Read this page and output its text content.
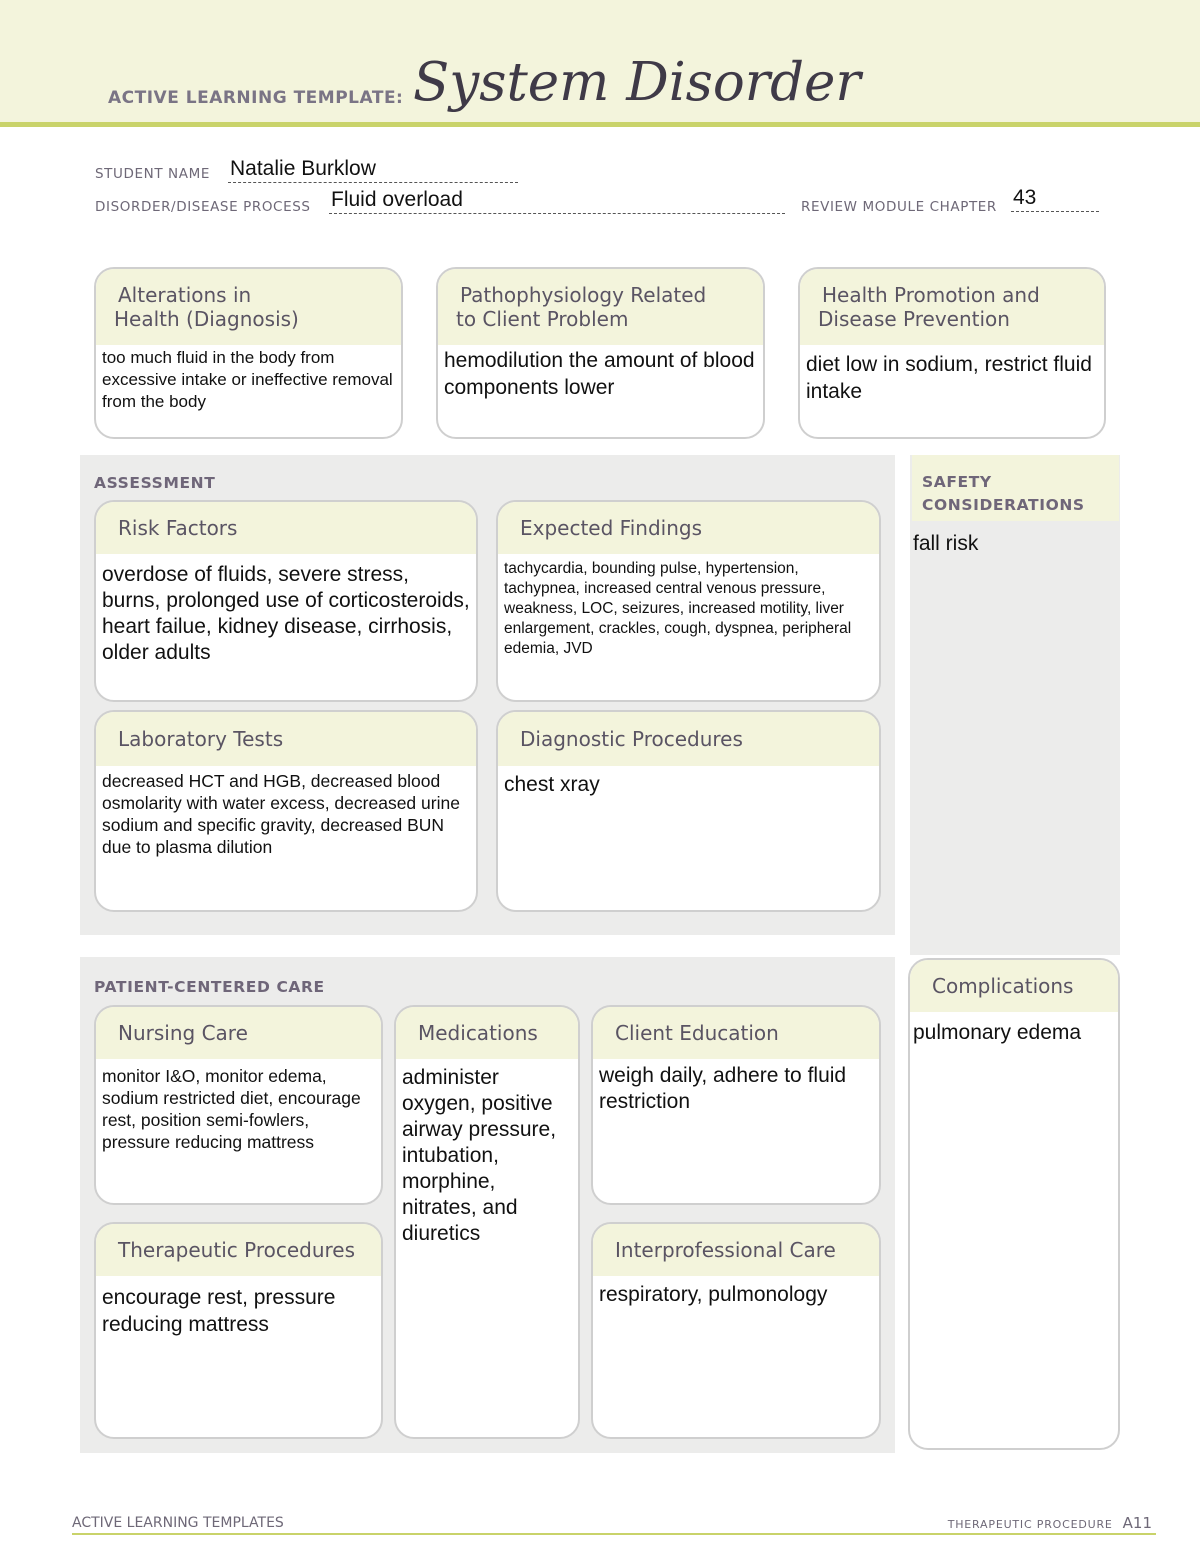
ACTIVE LEARNING TEMPLATE: System Disorder
STUDENT NAME Natalie Burklow
DISORDER/DISEASE PROCESS Fluid overload	REVIEW MODULE CHAPTER 43
Alterations in
Health (Diagnosis)
too much fluid in the body from excessive intake or ineffective removal from the body
Pathophysiology Related
to Client Problem
hemodilution the amount of blood components lower
Health Promotion and
Disease Prevention
diet low in sodium, restrict fluid intake
ASSESSMENT
Risk Factors
overdose of fluids, severe stress, burns, prolonged use of corticosteroids, heart failue, kidney disease, cirrhosis, older adults
Expected Findings
tachycardia, bounding pulse, hypertension, tachypnea, increased central venous pressure, weakness, LOC, seizures, increased motility, liver enlargement, crackles, cough, dyspnea, peripheral edemia, JVD
Laboratory Tests
decreased HCT and HGB, decreased blood osmolarity with water excess, decreased urine sodium and specific gravity, decreased BUN due to plasma dilution
Diagnostic Procedures
chest xray
SAFETY
CONSIDERATIONS
fall risk
PATIENT-CENTERED CARE
Nursing Care
monitor I&O, monitor edema, sodium restricted diet, encourage rest, position semi-fowlers, pressure reducing mattress
Medications
administer oxygen, positive airway pressure, intubation, morphine, nitrates, and diuretics
Client Education
weigh daily, adhere to fluid restriction
Therapeutic Procedures
encourage rest, pressure reducing mattress
Interprofessional Care
respiratory, pulmonology
Complications
pulmonary edema
ACTIVE LEARNING TEMPLATES	THERAPEUTIC PROCEDURE A11
